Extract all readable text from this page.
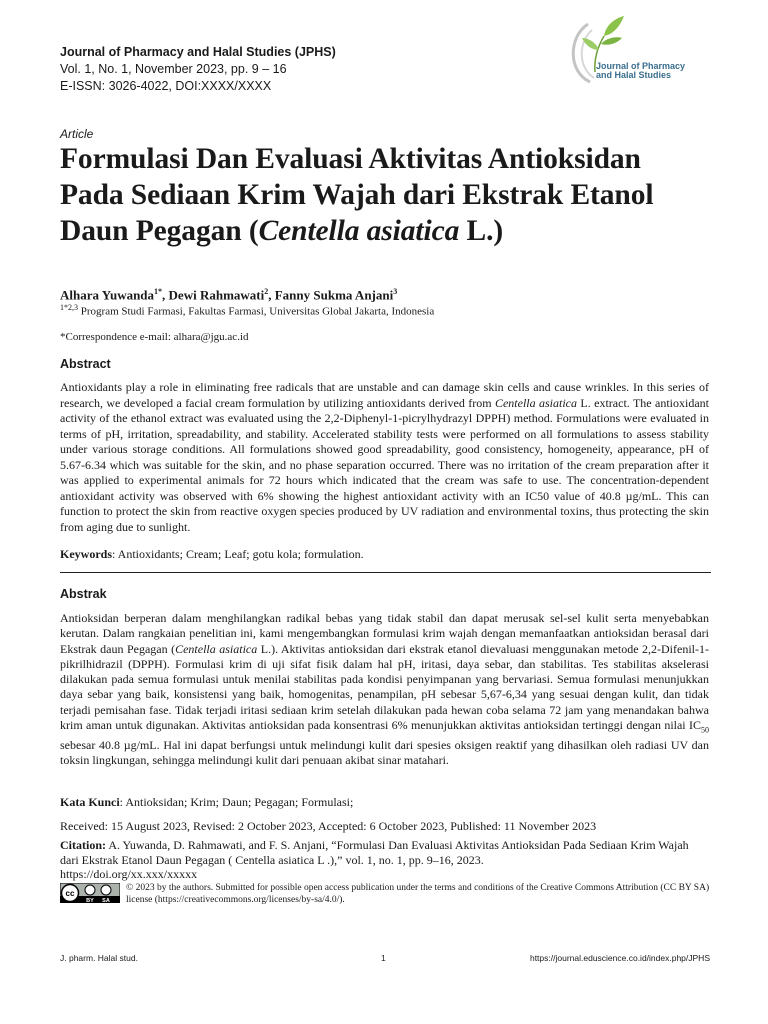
Journal of Pharmacy and Halal Studies (JPHS)
Vol. 1, No. 1, November 2023, pp. 9 – 16
E-ISSN: 3026-4022, DOI:XXXX/XXXX
Journal of Pharmacy
and Halal Studies
Article
Formulasi Dan Evaluasi Aktivitas Antioksidan Pada Sediaan Krim Wajah dari Ekstrak Etanol Daun Pegagan (Centella asiatica L.)
Alhara Yuwanda$^{1*}$, Dewi Rahmawati$^2$, Fanny Sukma Anjani$^3$
$^{1*2,3}$ Program Studi Farmasi, Fakultas Farmasi, Universitas Global Jakarta, Indonesia
*Correspondence e-mail: alhara@jgu.ac.id
Abstract
Antioxidants play a role in eliminating free radicals that are unstable and can damage skin cells and cause wrinkles. In this series of research, we developed a facial cream formulation by utilizing antioxidants derived from Centella asiatica L. extract. The antioxidant activity of the ethanol extract was evaluated using the 2,2-Diphenyl-1-picrylhydrazyl DPPH) method. Formulations were evaluated in terms of pH, irritation, spreadability, and stability. Accelerated stability tests were performed on all formulations to assess stability under various storage conditions. All formulations showed good spreadability, good consistency, homogeneity, appearance, pH of 5.67-6.34 which was suitable for the skin, and no phase separation occurred. There was no irritation of the cream preparation after it was applied to experimental animals for 72 hours which indicated that the cream was safe to use. The concentration-dependent antioxidant activity was observed with 6% showing the highest antioxidant activity with an IC50 value of 40.8 µg/mL. This can function to protect the skin from reactive oxygen species produced by UV radiation and environmental toxins, thus protecting the skin from aging due to sunlight.
Keywords: Antioxidants; Cream; Leaf; gotu kola; formulation.
Abstrak
Antioksidan berperan dalam menghilangkan radikal bebas yang tidak stabil dan dapat merusak sel-sel kulit serta menyebabkan kerutan. Dalam rangkaian penelitian ini, kami mengembangkan formulasi krim wajah dengan memanfaatkan antioksidan berasal dari Ekstrak daun Pegagan (Centella asiatica L.). Aktivitas antioksidan dari ekstrak etanol dievaluasi menggunakan metode 2,2-Difenil-1-pikrilhidrazil (DPPH). Formulasi krim di uji sifat fisik dalam hal pH, iritasi, daya sebar, dan stabilitas. Tes stabilitas akselerasi dilakukan pada semua formulasi untuk menilai stabilitas pada kondisi penyimpanan yang bervariasi. Semua formulasi menunjukkan daya sebar yang baik, konsistensi yang baik, homogenitas, penampilan, pH sebesar 5,67-6,34 yang sesuai dengan kulit, dan tidak terjadi pemisahan fase. Tidak terjadi iritasi sediaan krim setelah dilakukan pada hewan coba selama 72 jam yang menandakan bahwa krim aman untuk digunakan. Aktivitas antioksidan pada konsentrasi 6% menunjukkan aktivitas antioksidan tertinggi dengan nilai $IC_{50}$ sebesar 40.8 µg/mL. Hal ini dapat berfungsi untuk melindungi kulit dari spesies oksigen reaktif yang dihasilkan oleh radiasi UV dan toksin lingkungan, sehingga melindungi kulit dari penuaan akibat sinar matahari.
Kata Kunci: Antioksidan; Krim; Daun; Pegagan; Formulasi;
Received: 15 August 2023, Revised: 2 October 2023, Accepted: 6 October 2023, Published: 11 November 2023
Citation: A. Yuwanda, D. Rahmawati, and F. S. Anjani, “Formulasi Dan Evaluasi Aktivitas Antioksidan Pada Sediaan Krim Wajah dari Ekstrak Etanol Daun Pegagan ( Centella asiatica L .),” vol. 1, no. 1, pp. 9–16, 2023.
https://doi.org/xx.xxx/xxxxx
cc
BY SA
© 2023 by the authors. Submitted for possible open access publication under the terms and conditions of the Creative Commons Attribution (CC BY SA) license (https://creativecommons.org/licenses/by-sa/4.0/).
J. pharm. Halal stud.	1	https://journal.eduscience.co.id/index.php/JPHS
